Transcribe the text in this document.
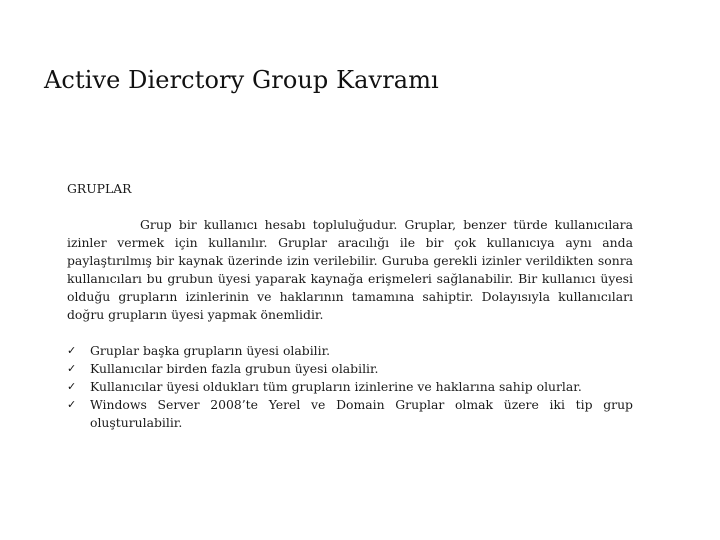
Active Dierctory Group Kavramı
GRUPLAR

Grup bir kullanıcı hesabı topluluğudur. Gruplar, benzer türde kullanıcılara izinler vermek için kullanılır. Gruplar aracılığı ile bir çok kullanıcıya aynı anda paylaştırılmış bir kaynak üzerinde izin verilebilir. Guruba gerekli izinler verildikten sonra kullanıcıları bu grubun üyesi yaparak kaynağa erişmeleri sağlanabilir. Bir kullanıcı üyesi olduğu grupların izinlerinin ve haklarının tamamına sahiptir. Dolayısıyla kullanıcıları doğru grupların üyesi yapmak önemlidir.

✓	Gruplar başka grupların üyesi olabilir.
✓	Kullanıcılar birden fazla grubun üyesi olabilir.
✓	Kullanıcılar üyesi oldukları tüm grupların izinlerine ve haklarına sahip olurlar.
✓	Windows Server 2008’te Yerel ve Domain Gruplar olmak üzere iki tip grup oluşturulabilir.
